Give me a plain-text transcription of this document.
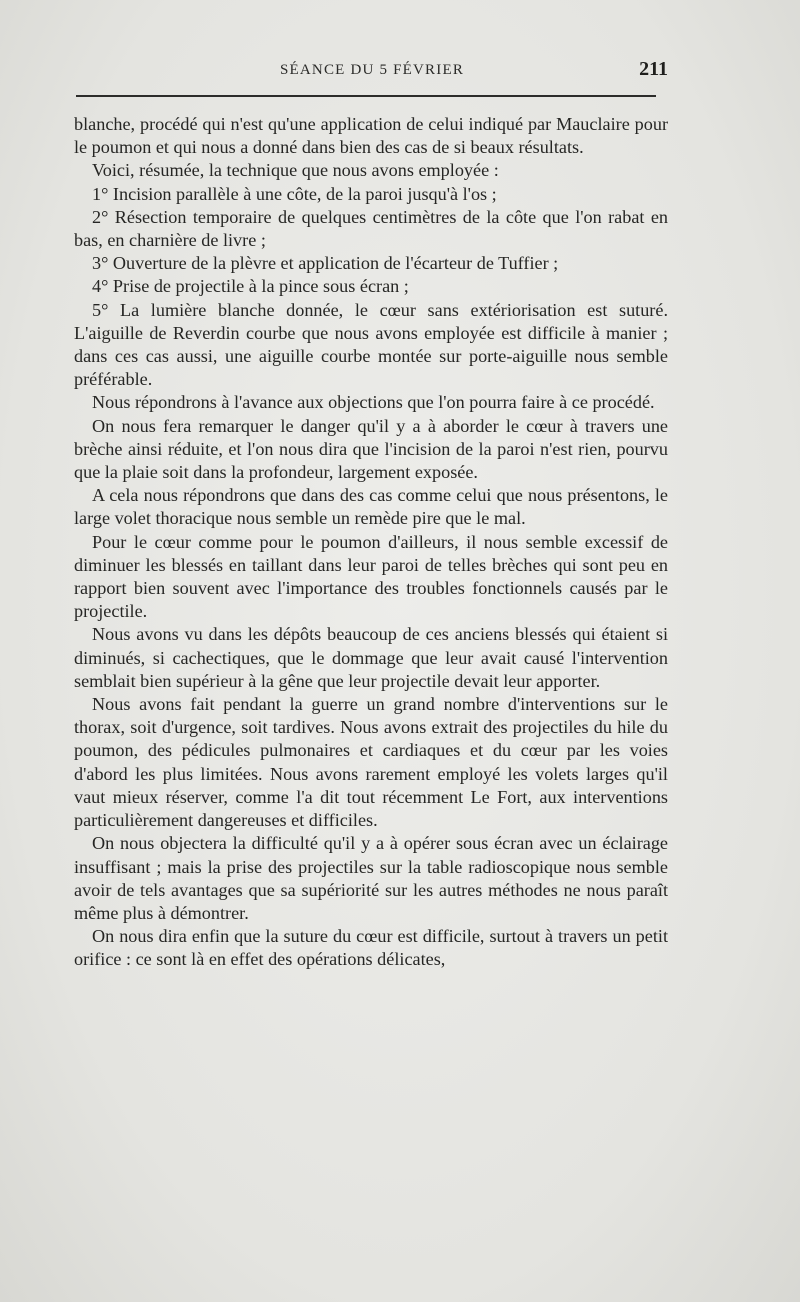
SÉANCE DU 5 FÉVRIER	211

blanche, procédé qui n'est qu'une application de celui indiqué par Mauclaire pour le poumon et qui nous a donné dans bien des cas de si beaux résultats.

Voici, résumée, la technique que nous avons employée :

1° Incision parallèle à une côte, de la paroi jusqu'à l'os ;

2° Résection temporaire de quelques centimètres de la côte que l'on rabat en bas, en charnière de livre ;

3° Ouverture de la plèvre et application de l'écarteur de Tuffier ;

4° Prise de projectile à la pince sous écran ;

5° La lumière blanche donnée, le cœur sans extériorisation est suturé. L'aiguille de Reverdin courbe que nous avons employée est difficile à manier ; dans ces cas aussi, une aiguille courbe montée sur porte-aiguille nous semble préférable.

Nous répondrons à l'avance aux objections que l'on pourra faire à ce procédé.

On nous fera remarquer le danger qu'il y a à aborder le cœur à travers une brèche ainsi réduite, et l'on nous dira que l'incision de la paroi n'est rien, pourvu que la plaie soit dans la profondeur, largement exposée.

A cela nous répondrons que dans des cas comme celui que nous présentons, le large volet thoracique nous semble un remède pire que le mal.

Pour le cœur comme pour le poumon d'ailleurs, il nous semble excessif de diminuer les blessés en taillant dans leur paroi de telles brèches qui sont peu en rapport bien souvent avec l'importance des troubles fonctionnels causés par le projectile.

Nous avons vu dans les dépôts beaucoup de ces anciens blessés qui étaient si diminués, si cachectiques, que le dommage que leur avait causé l'intervention semblait bien supérieur à la gêne que leur projectile devait leur apporter.

Nous avons fait pendant la guerre un grand nombre d'interventions sur le thorax, soit d'urgence, soit tardives. Nous avons extrait des projectiles du hile du poumon, des pédicules pulmonaires et cardiaques et du cœur par les voies d'abord les plus limitées. Nous avons rarement employé les volets larges qu'il vaut mieux réserver, comme l'a dit tout récemment Le Fort, aux interventions particulièrement dangereuses et difficiles.

On nous objectera la difficulté qu'il y a à opérer sous écran avec un éclairage insuffisant ; mais la prise des projectiles sur la table radioscopique nous semble avoir de tels avantages que sa supériorité sur les autres méthodes ne nous paraît même plus à démontrer.

On nous dira enfin que la suture du cœur est difficile, surtout à travers un petit orifice : ce sont là en effet des opérations délicates,
